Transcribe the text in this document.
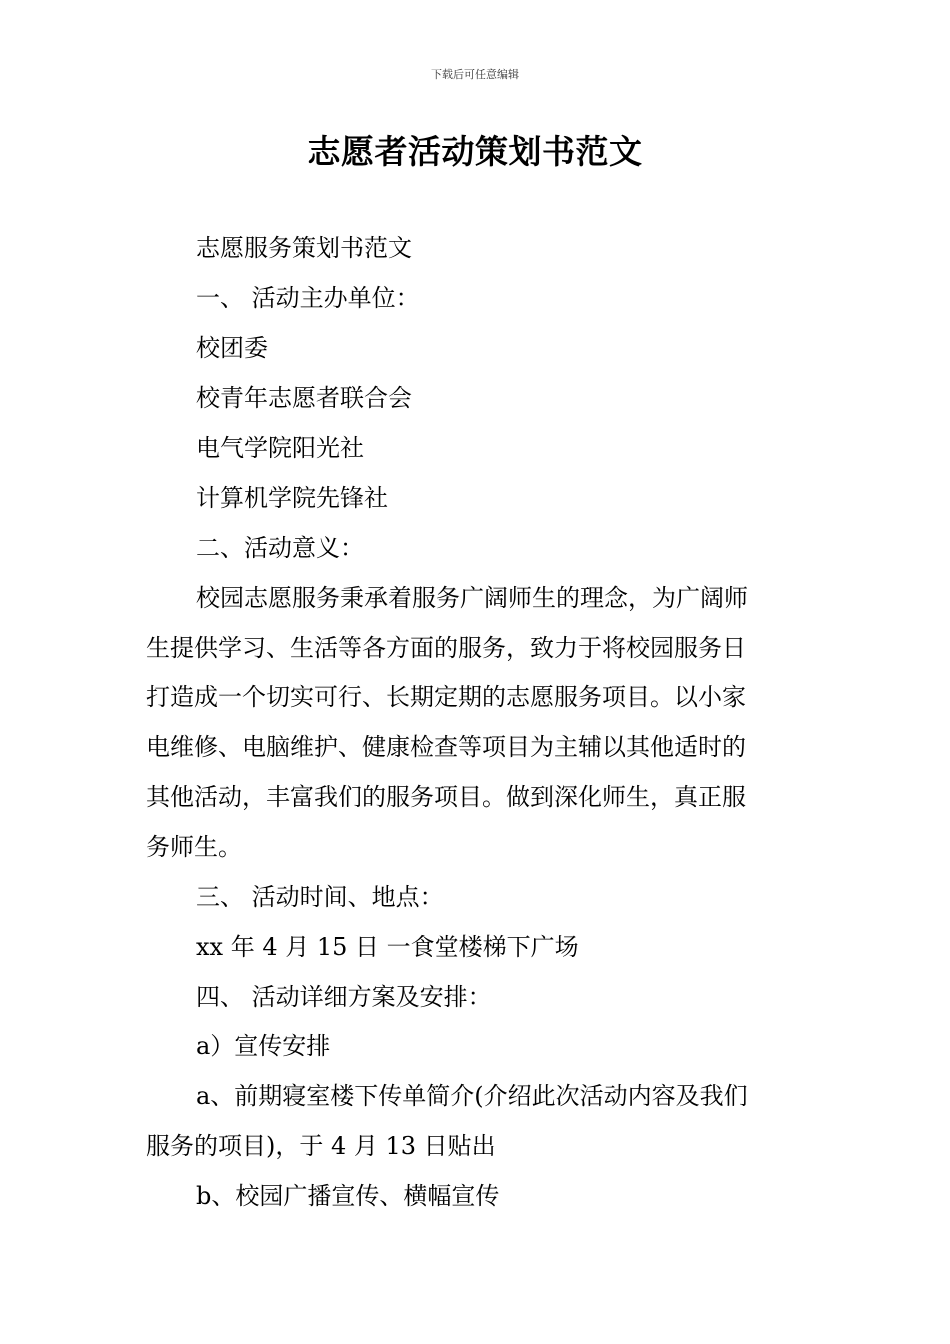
下载后可任意编辑
志愿者活动策划书范文
志愿服务策划书范文
一、 活动主办单位：
校团委
校青年志愿者联合会
电气学院阳光社
计算机学院先锋社
二、活动意义：
校园志愿服务秉承着服务广阔师生的理念，为广阔师
生提供学习、生活等各方面的服务，致力于将校园服务日
打造成一个切实可行、长期定期的志愿服务项目。以小家
电维修、电脑维护、健康检查等项目为主辅以其他适时的
其他活动，丰富我们的服务项目。做到深化师生，真正服
务师生。
三、 活动时间、地点：
xx 年 4 月 15 日 一食堂楼梯下广场
四、 活动详细方案及安排：
a）宣传安排
a、前期寝室楼下传单简介(介绍此次活动内容及我们
服务的项目)，于 4 月 13 日贴出
b、校园广播宣传、横幅宣传
